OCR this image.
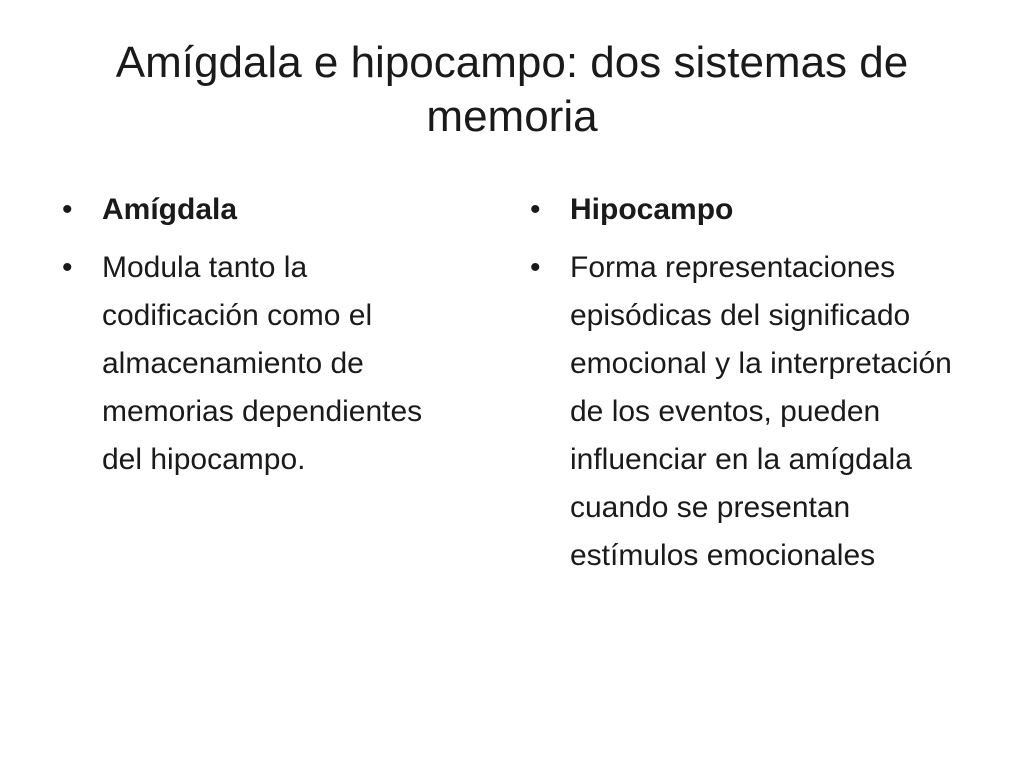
Amígdala e hipocampo: dos sistemas de memoria
• Amígdala
• Modula tanto la codificación como el almacenamiento de memorias dependientes del hipocampo.
• Hipocampo
• Forma representaciones episódicas del significado emocional y la interpretación de los eventos, pueden influenciar en la amígdala cuando se presentan estímulos emocionales
